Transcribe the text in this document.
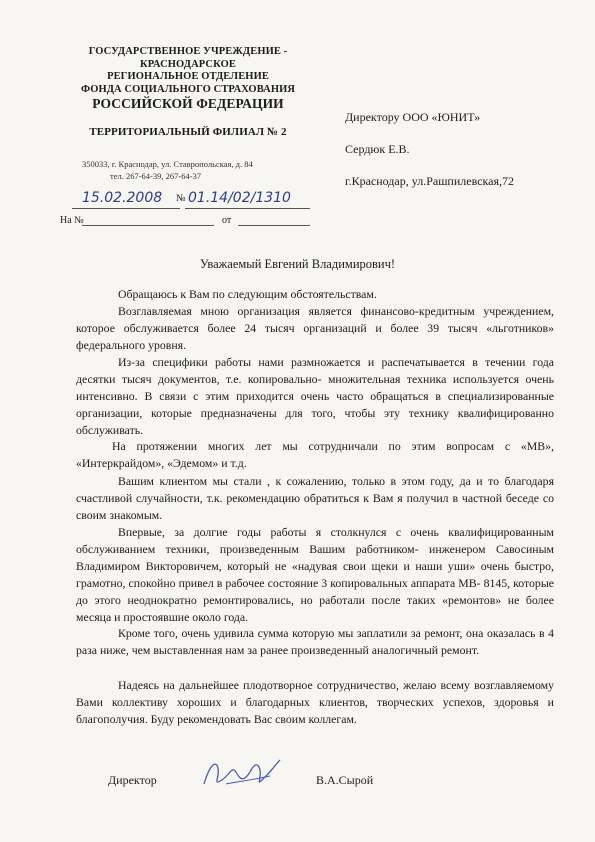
ГОСУДАРСТВЕННОЕ УЧРЕЖДЕНИЕ -
КРАСНОДАРСКОЕ
РЕГИОНАЛЬНОЕ ОТДЕЛЕНИЕ
ФОНДА СОЦИАЛЬНОГО СТРАХОВАНИЯ
РОССИЙСКОЙ ФЕДЕРАЦИИ
ТЕРРИТОРИАЛЬНЫЙ ФИЛИАЛ № 2
350033, г. Краснодар, ул. Ставропольская, д. 84
тел. 267-64-39, 267-64-37
15.02.2008 № 01.14/02/1310
На №	от
Директору ООО «ЮНИТ»
Сердюк Е.В.
г.Краснодар, ул.Рашпилевская,72
Уважаемый Евгений Владимирович!
Обращаюсь к Вам по следующим обстоятельствам.
Возглавляемая мною организация является финансово-кредитным учреждением, которое обслуживается более 24 тысяч организаций и более 39 тысяч «льготников» федерального уровня.
Из-за специфики работы нами размножается и распечатывается в течении года десятки тысяч документов, т.е. копировально- множительная техника используется очень интенсивно. В связи с этим приходится очень часто обращаться в специализированные организации, которые предназначены для того, чтобы эту технику квалифицированно обслуживать.
На протяжении многих лет мы сотрудничали по этим вопросам с «МВ», «Интеркрайдом», «Эдемом» и т.д.
Вашим клиентом мы стали , к сожалению, только в этом году, да и то благодаря счастливой случайности, т.к. рекомендацию обратиться к Вам я получил в частной беседе со своим знакомым.
Впервые, за долгие годы работы я столкнулся с очень квалифицированным обслуживанием техники, произведенным Вашим работником- инженером Савосиным Владимиром Викторовичем, который не «надувая свои щеки и наши уши» очень быстро, грамотно, спокойно привел в рабочее состояние 3 копировальных аппарата МВ- 8145, которые до этого неоднократно ремонтировались, но работали после таких «ремонтов» не более месяца и простоявшие около года.
Кроме того, очень удивила сумма которую мы заплатили за ремонт, она оказалась в 4 раза ниже, чем выставленная нам за ранее произведенный аналогичный ремонт.
Надеясь на дальнейшее плодотворное сотрудничество, желаю всему возглавляемому Вами коллективу хороших и благодарных клиентов, творческих успехов, здоровья и благополучия. Буду рекомендовать Вас своим коллегам.
Директор	В.А.Сырой
